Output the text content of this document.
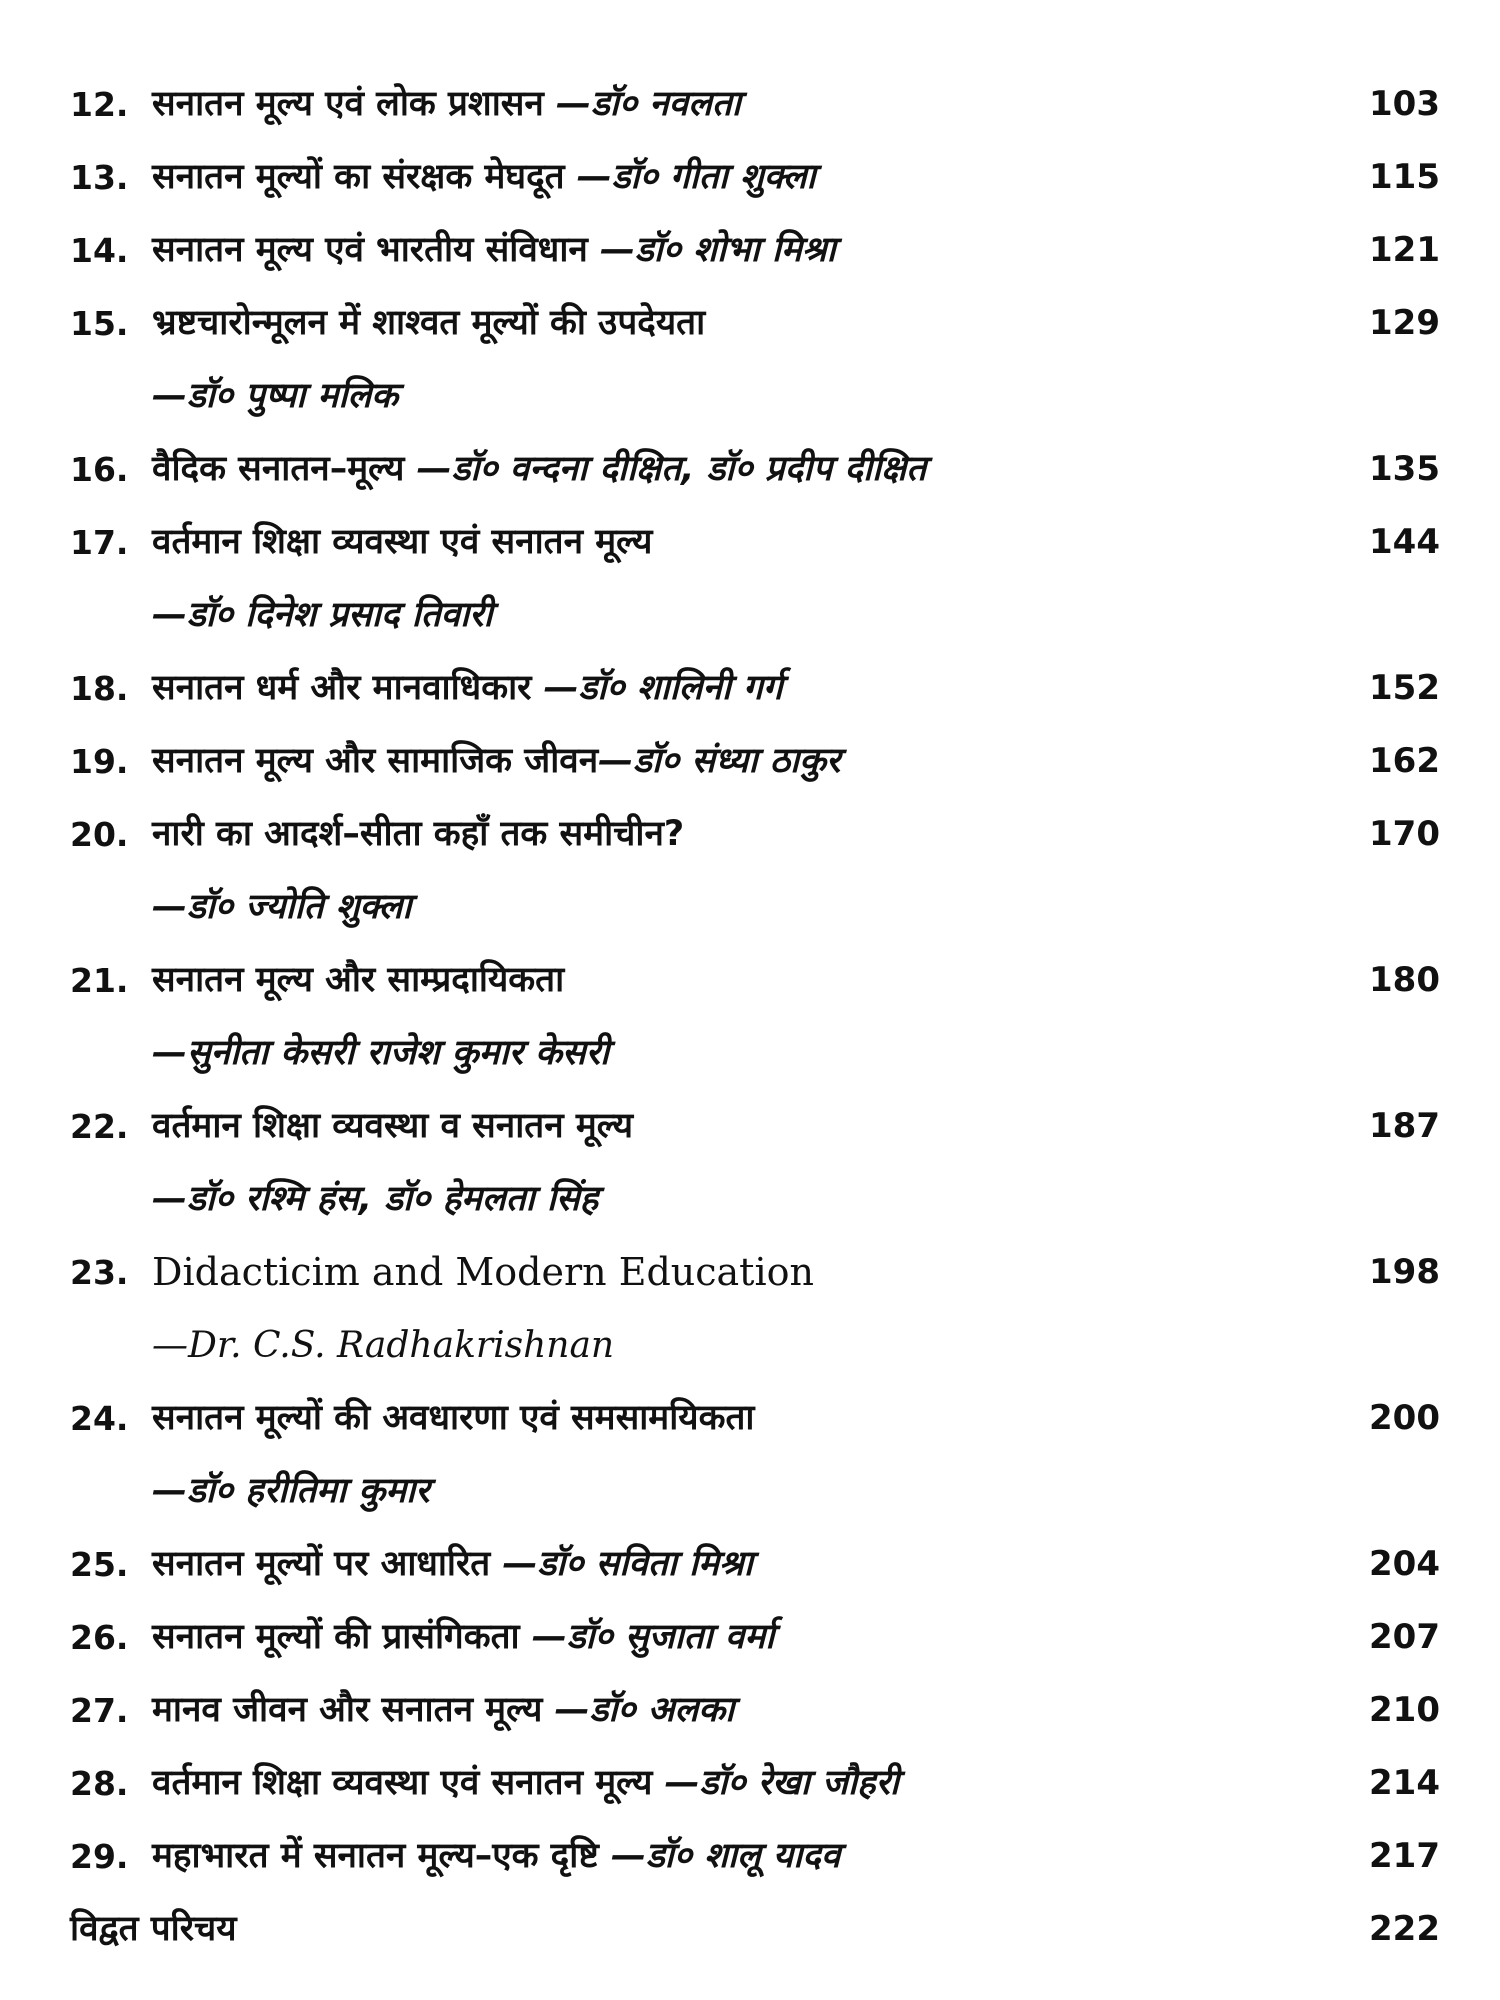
12. सनातन मूल्य एवं लोक प्रशासन —डॉ० नवलता	103
13. सनातन मूल्यों का संरक्षक मेघदूत —डॉ० गीता शुक्ला	115
14. सनातन मूल्य एवं भारतीय संविधान —डॉ० शोभा मिश्रा	121
15. भ्रष्टचारोन्मूलन में शाश्वत मूल्यों की उपदेयता	129
—डॉ० पुष्पा मलिक
16. वैदिक सनातन–मूल्य —डॉ० वन्दना दीक्षित, डॉ० प्रदीप दीक्षित	135
17. वर्तमान शिक्षा व्यवस्था एवं सनातन मूल्य	144
—डॉ० दिनेश प्रसाद तिवारी
18. सनातन धर्म और मानवाधिकार —डॉ० शालिनी गर्ग	152
19. सनातन मूल्य और सामाजिक जीवन—डॉ० संध्या ठाकुर	162
20. नारी का आदर्श–सीता कहाँ तक समीचीन?	170
—डॉ० ज्योति शुक्ला
21. सनातन मूल्य और साम्प्रदायिकता	180
—सुनीता केसरी राजेश कुमार केसरी
22. वर्तमान शिक्षा व्यवस्था व सनातन मूल्य	187
—डॉ० रश्मि हंस, डॉ० हेमलता सिंह
23. Didacticim and Modern Education	198
—Dr. C.S. Radhakrishnan
24. सनातन मूल्यों की अवधारणा एवं समसामयिकता	200
—डॉ० हरीतिमा कुमार
25. सनातन मूल्यों पर आधारित —डॉ० सविता मिश्रा	204
26. सनातन मूल्यों की प्रासंगिकता —डॉ० सुजाता वर्मा	207
27. मानव जीवन और सनातन मूल्य —डॉ० अलका	210
28. वर्तमान शिक्षा व्यवस्था एवं सनातन मूल्य —डॉ० रेखा जौहरी	214
29. महाभारत में सनातन मूल्य–एक दृष्टि —डॉ० शालू यादव	217
विद्वत परिचय	222
